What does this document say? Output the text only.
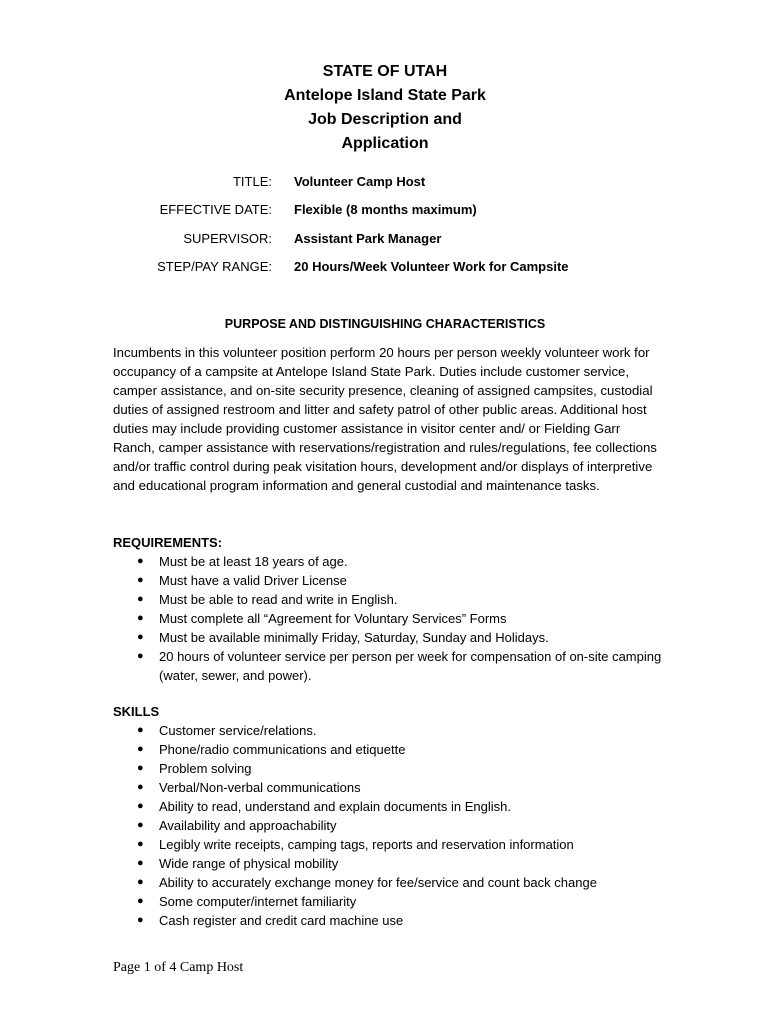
STATE OF UTAH
Antelope Island State Park
Job Description and
Application
TITLE: Volunteer Camp Host
EFFECTIVE DATE: Flexible (8 months maximum)
SUPERVISOR: Assistant Park Manager
STEP/PAY RANGE: 20 Hours/Week Volunteer Work for Campsite
PURPOSE AND DISTINGUISHING CHARACTERISTICS

Incumbents in this volunteer position perform 20 hours per person weekly volunteer work for occupancy of a campsite at Antelope Island State Park. Duties include customer service, camper assistance, and on-site security presence, cleaning of assigned campsites, custodial duties of assigned restroom and litter and safety patrol of other public areas. Additional host duties may include providing customer assistance in visitor center and/ or Fielding Garr Ranch, camper assistance with reservations/registration and rules/regulations, fee collections and/or traffic control during peak visitation hours, development and/or displays of interpretive and educational program information and general custodial and maintenance tasks.

REQUIREMENTS:
● Must be at least 18 years of age.
● Must have a valid Driver License
● Must be able to read and write in English.
● Must complete all “Agreement for Voluntary Services” Forms
● Must be available minimally Friday, Saturday, Sunday and Holidays.
● 20 hours of volunteer service per person per week for compensation of on-site camping (water, sewer, and power).
SKILLS
● Customer service/relations.
● Phone/radio communications and etiquette
● Problem solving
● Verbal/Non-verbal communications
● Ability to read, understand and explain documents in English.
● Availability and approachability
● Legibly write receipts, camping tags, reports and reservation information
● Wide range of physical mobility
● Ability to accurately exchange money for fee/service and count back change
● Some computer/internet familiarity
● Cash register and credit card machine use
Page 1 of 4 Camp Host
